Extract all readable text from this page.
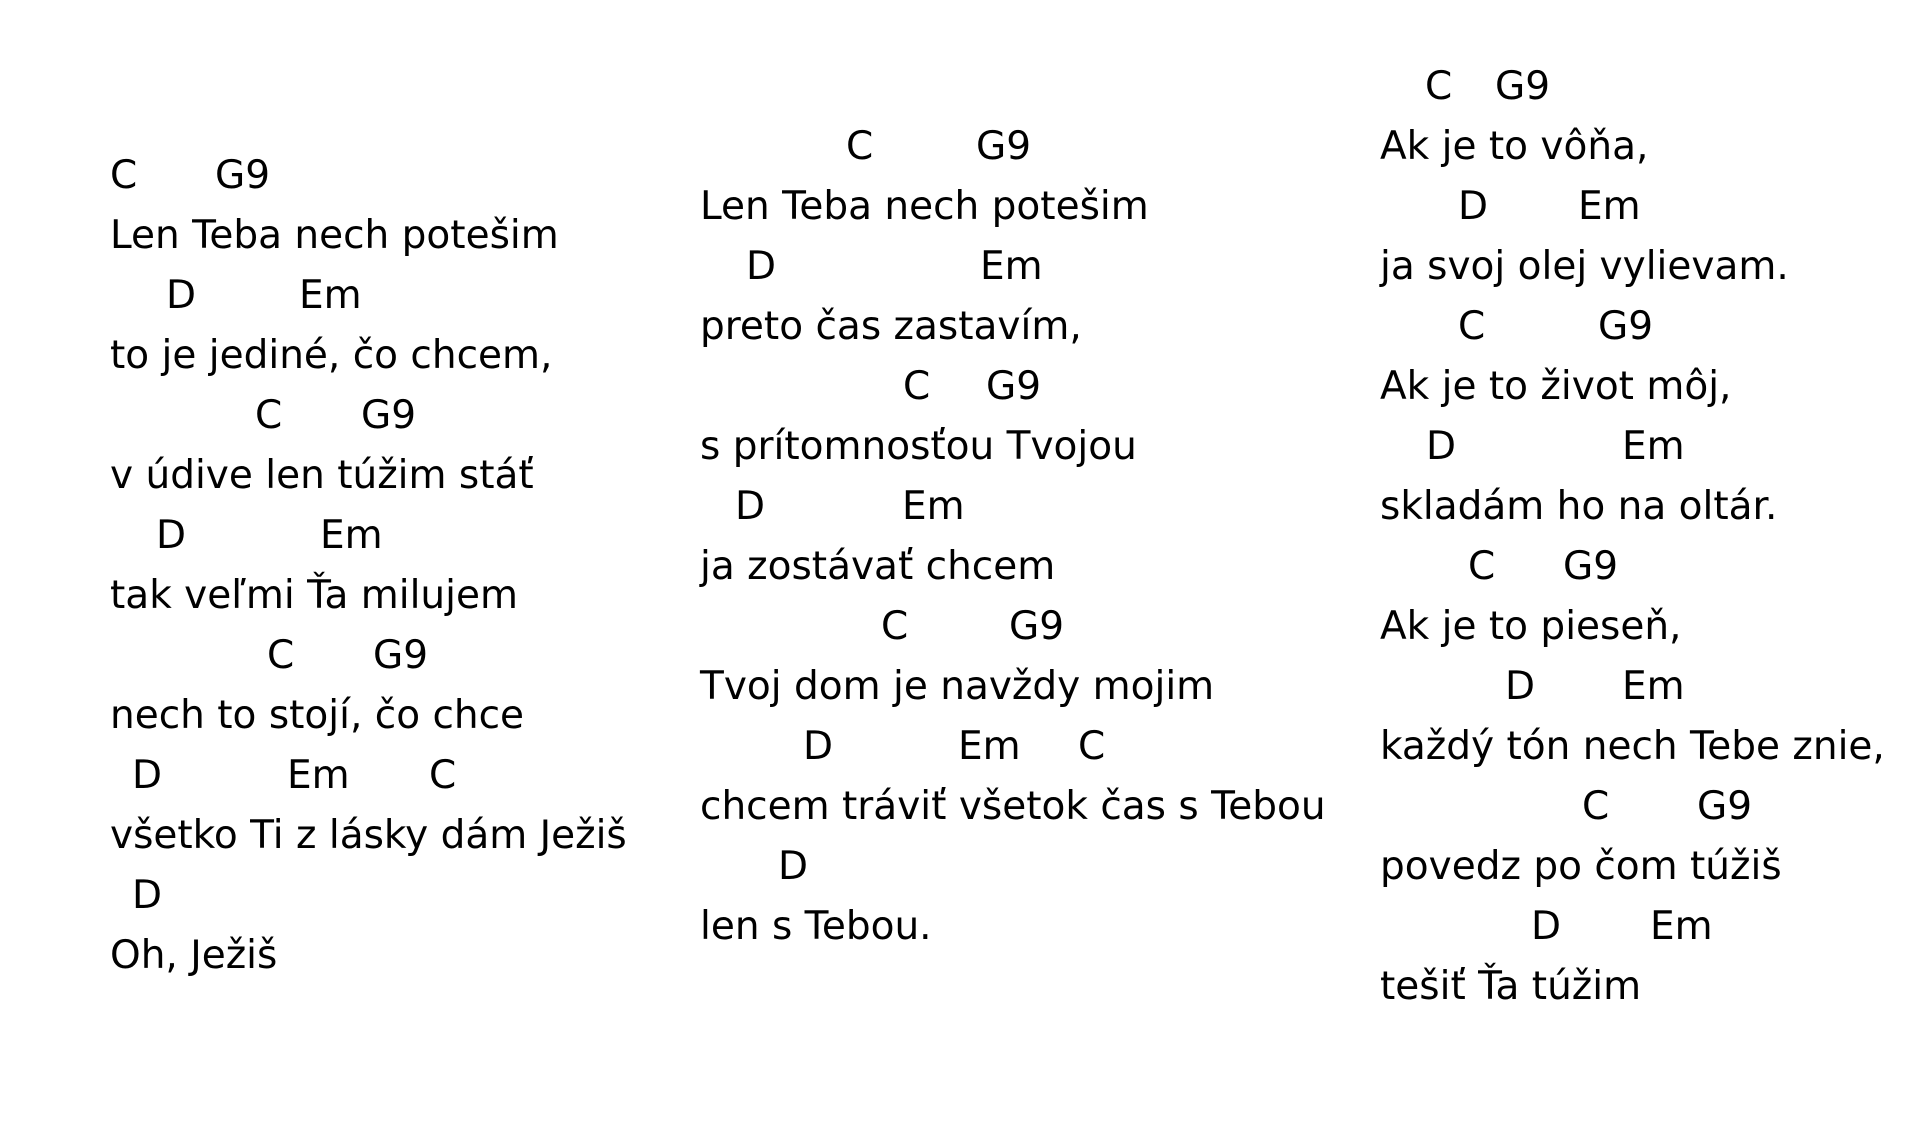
C

G9

Len Teba nech potešim

D

	Em

to je jediné, čo chcem,

C

G9

v údive len túžim stáť

D

	Em

tak veľmi Ťa milujem

C

G9

nech to stojí, čo chce

D

	Em

C

všetko Ti z lásky dám Ježiš

D

Oh, Ježiš

C

	G9

Len Teba nech potešim

D

	Em

preto čas zastavím,

C

G9

s prítomnosťou Tvojou

D

	Em

ja zostávať chcem

C

	G9

Tvoj dom je navždy mojim

D

	Em

C

chcem tráviť všetok čas s Tebou

D

len s Tebou.

C

G9

Ak je to vôňa,

D

Em

ja svoj olej vylievam.

C

	G9

Ak je to život môj,

D

	Em

skladám ho na oltár.

C

G9

Ak je to pieseň,

D

Em

každý tón nech Tebe znie,

C

G9

povedz po čom túžiš

D

Em

tešiť Ťa túžim
